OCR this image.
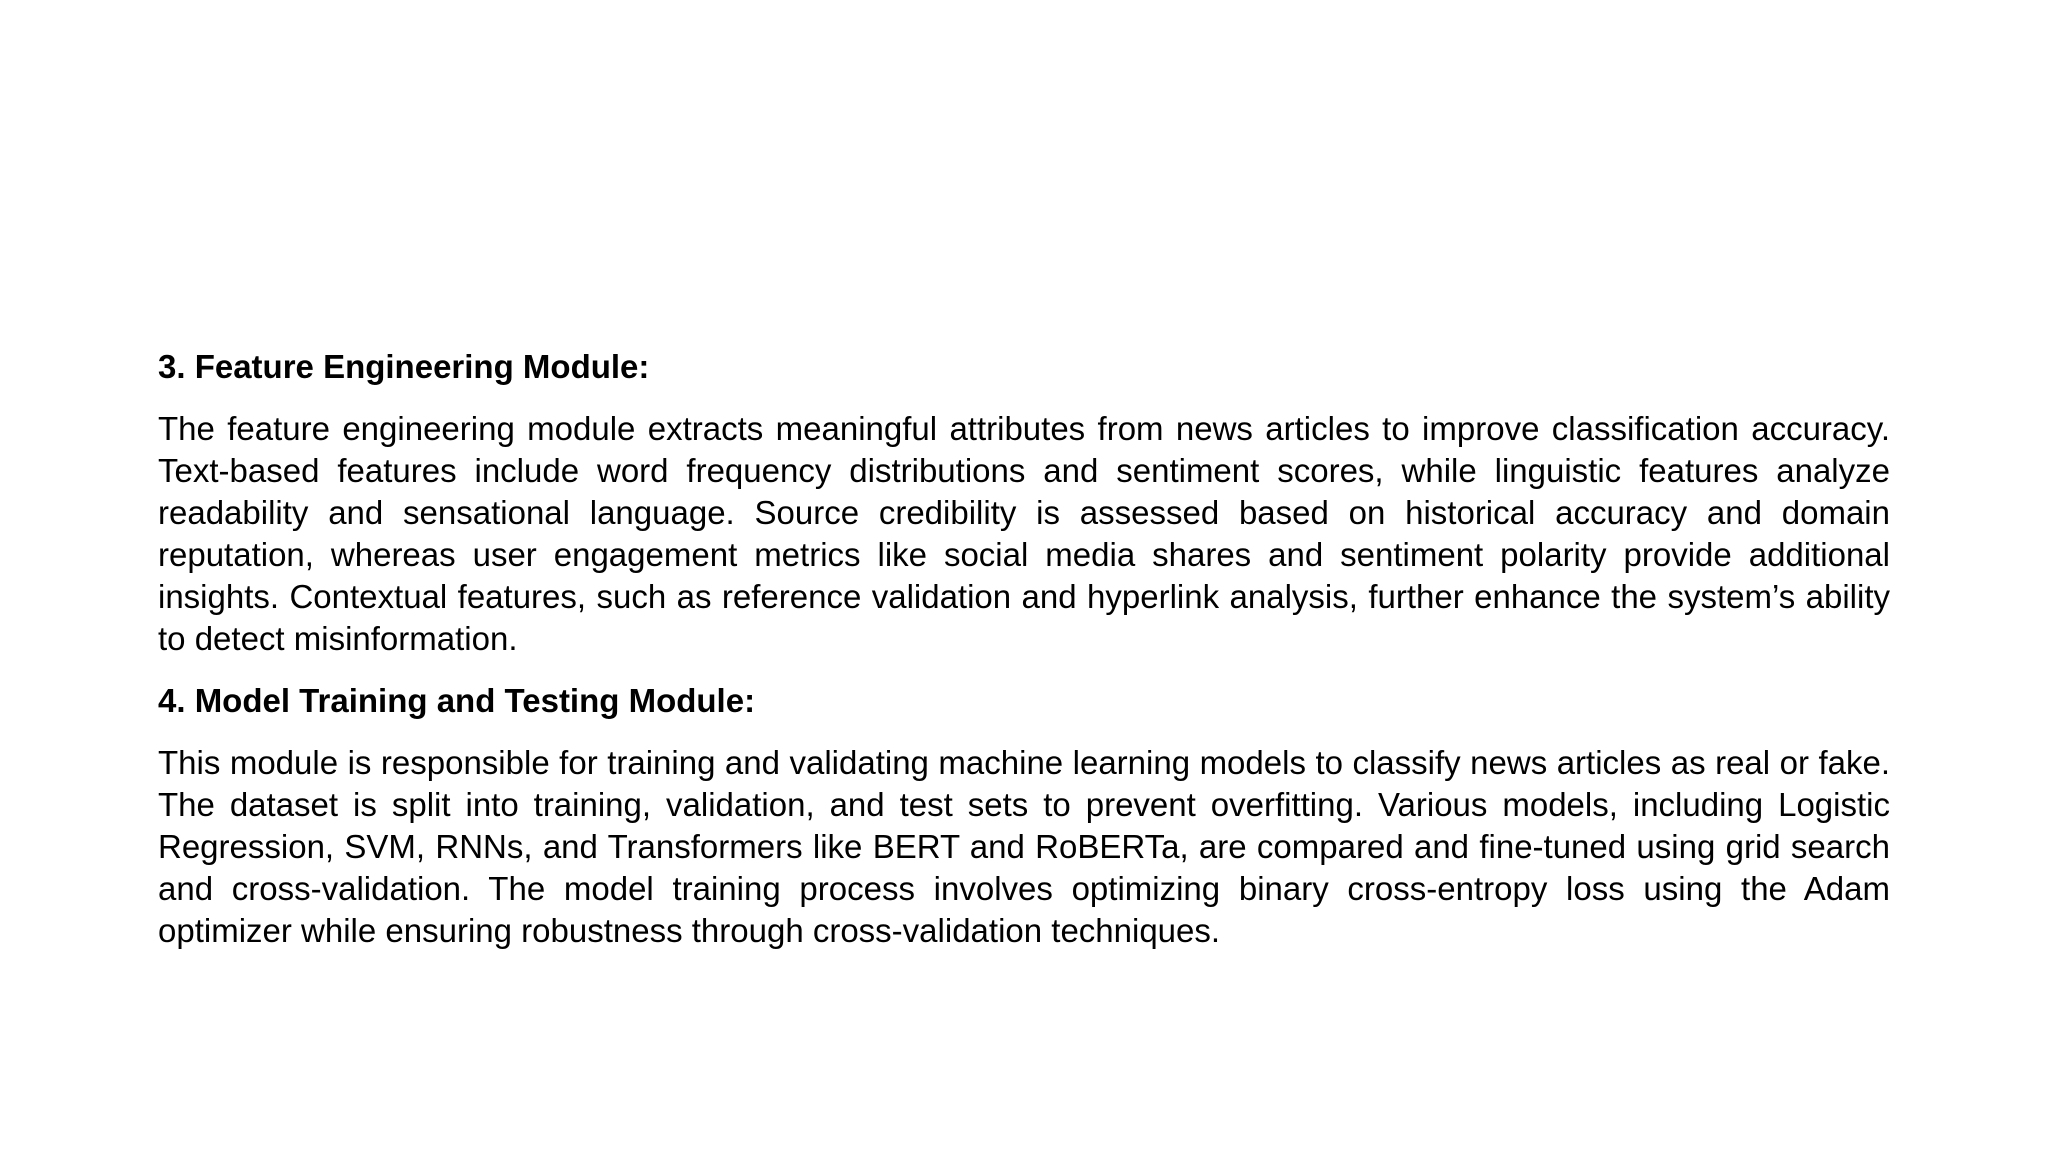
3. Feature Engineering Module:
The feature engineering module extracts meaningful attributes from news articles to improve classification accuracy. Text-based features include word frequency distributions and sentiment scores, while linguistic features analyze readability and sensational language. Source credibility is assessed based on historical accuracy and domain reputation, whereas user engagement metrics like social media shares and sentiment polarity provide additional insights. Contextual features, such as reference validation and hyperlink analysis, further enhance the system’s ability to detect misinformation.
4. Model Training and Testing Module:
This module is responsible for training and validating machine learning models to classify news articles as real or fake. The dataset is split into training, validation, and test sets to prevent overfitting. Various models, including Logistic Regression, SVM, RNNs, and Transformers like BERT and RoBERTa, are compared and fine-tuned using grid search and cross-validation. The model training process involves optimizing binary cross-entropy loss using the Adam optimizer while ensuring robustness through cross-validation techniques.
